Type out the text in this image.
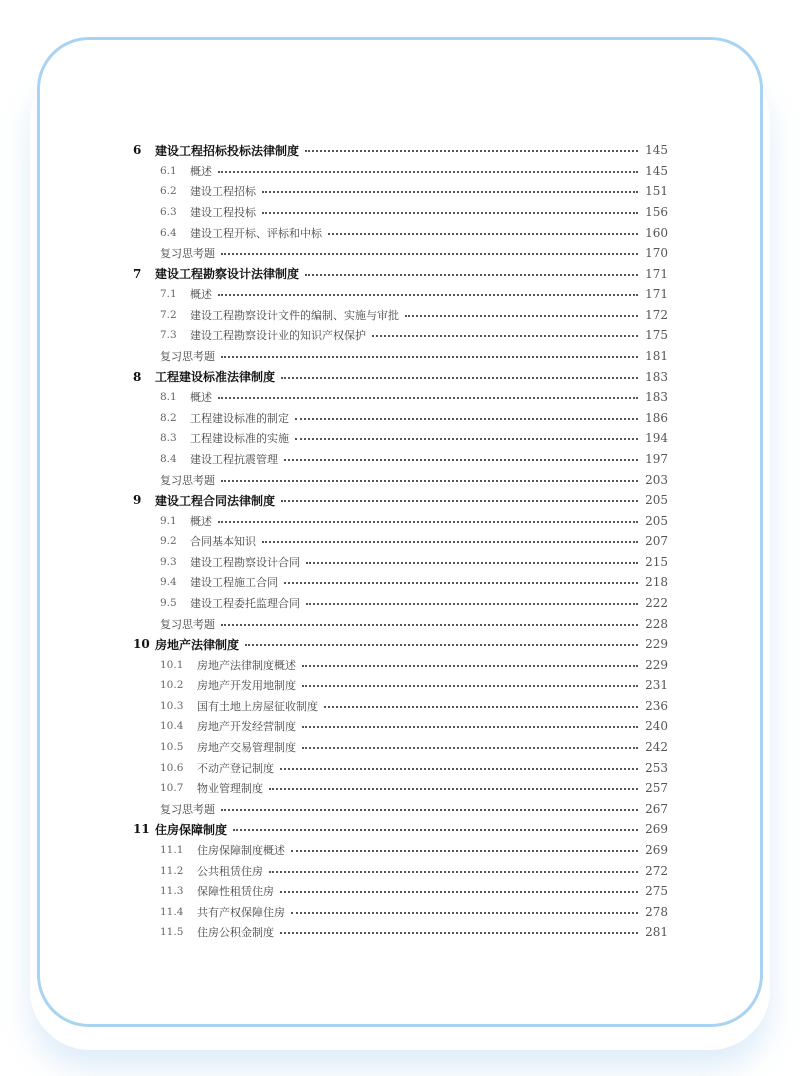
6	建设工程招标投标法律制度	145
6.1	概述	145
6.2	建设工程招标	151
6.3	建设工程投标	156
6.4	建设工程开标、评标和中标	160
复习思考题	170
7	建设工程勘察设计法律制度	171
7.1	概述	171
7.2	建设工程勘察设计文件的编制、实施与审批	172
7.3	建设工程勘察设计业的知识产权保护	175
复习思考题	181
8	工程建设标准法律制度	183
8.1	概述	183
8.2	工程建设标准的制定	186
8.3	工程建设标准的实施	194
8.4	建设工程抗震管理	197
复习思考题	203
9	建设工程合同法律制度	205
9.1	概述	205
9.2	合同基本知识	207
9.3	建设工程勘察设计合同	215
9.4	建设工程施工合同	218
9.5	建设工程委托监理合同	222
复习思考题	228
10 房地产法律制度	229
10.1	房地产法律制度概述	229
10.2	房地产开发用地制度	231
10.3	国有土地上房屋征收制度	236
10.4	房地产开发经营制度	240
10.5	房地产交易管理制度	242
10.6	不动产登记制度	253
10.7	物业管理制度	257
复习思考题	267
11 住房保障制度	269
11.1	住房保障制度概述	269
11.2	公共租赁住房	272
11.3	保障性租赁住房	275
11.4	共有产权保障住房	278
11.5	住房公积金制度	281
